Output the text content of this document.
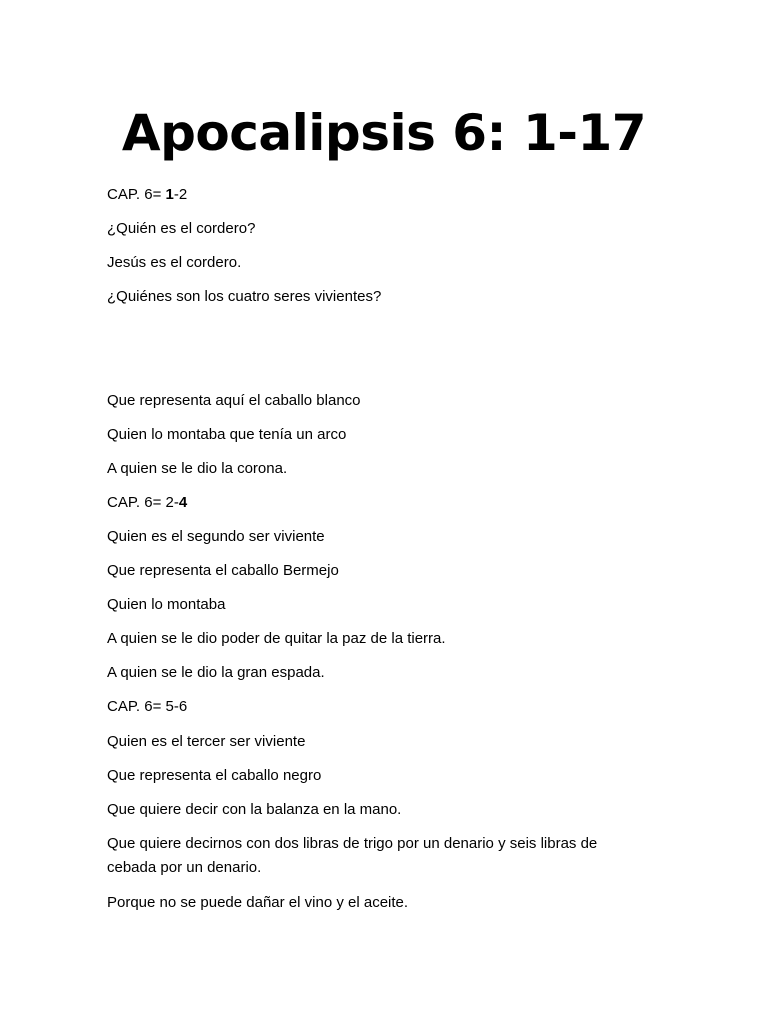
Apocalipsis 6: 1-17
CAP. 6= 1-2
¿Quién es el cordero?
Jesús es el cordero.
¿Quiénes son los cuatro seres vivientes?
Que representa aquí el caballo blanco
Quien lo montaba que tenía un arco
A quien se le dio la corona.
CAP. 6= 2-4
Quien es el segundo ser viviente
Que representa el caballo Bermejo
Quien lo montaba
A quien se le dio poder de quitar la paz de la tierra.
A quien se le dio la gran espada.
CAP. 6= 5-6
Quien es el tercer ser viviente
Que representa el caballo negro
Que quiere decir con la balanza en la mano.
Que quiere decirnos con dos libras de trigo por un denario y seis libras de cebada por un denario.
Porque no se puede dañar el vino y el aceite.
